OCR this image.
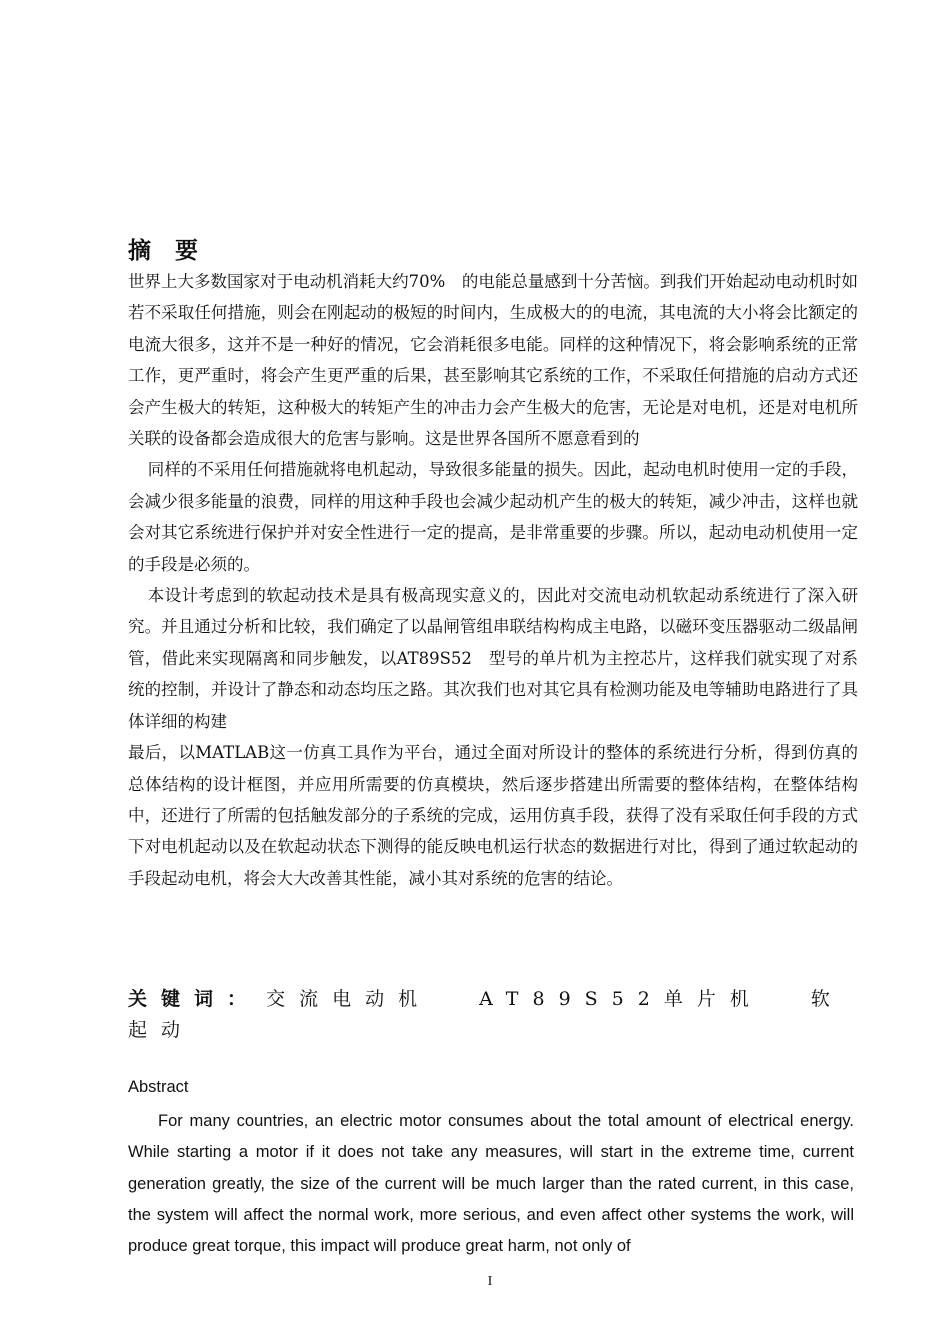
摘要

世界上大多数国家对于电动机消耗大约70%　的电能总量感到十分苦恼。到我们开始起动电动机时如若不采取任何措施，则会在刚起动的极短的时间内，生成极大的的电流，其电流的大小将会比额定的电流大很多，这并不是一种好的情况，它会消耗很多电能。同样的这种情况下，将会影响系统的正常工作，更严重时，将会产生更严重的后果，甚至影响其它系统的工作，不采取任何措施的启动方式还会产生极大的转矩，这种极大的转矩产生的冲击力会产生极大的危害，无论是对电机，还是对电机所关联的设备都会造成很大的危害与影响。这是世界各国所不愿意看到的

同样的不采用任何措施就将电机起动，导致很多能量的损失。因此，起动电机时使用一定的手段，会减少很多能量的浪费，同样的用这种手段也会减少起动机产生的极大的转矩，减少冲击，这样也就会对其它系统进行保护并对安全性进行一定的提高，是非常重要的步骤。所以，起动电动机使用一定的手段是必须的。

本设计考虑到的软起动技术是具有极高现实意义的，因此对交流电动机软起动系统进行了深入研究。并且通过分析和比较，我们确定了以晶闸管组串联结构构成主电路，以磁环变压器驱动二级晶闸管，借此来实现隔离和同步触发，以AT89S52　型号的单片机为主控芯片，这样我们就实现了对系统的控制，并设计了静态和动态均压之路。其次我们也对其它具有检测功能及电等辅助电路进行了具体详细的构建

最后，以MATLAB这一仿真工具作为平台，通过全面对所设计的整体的系统进行分析，得到仿真的总体结构的设计框图，并应用所需要的仿真模块，然后逐步搭建出所需要的整体结构，在整体结构中，还进行了所需的包括触发部分的子系统的完成，运用仿真手段，获得了没有采取任何手段的方式下对电机起动以及在软起动状态下测得的能反映电机运行状态的数据进行对比，得到了通过软起动的手段起动电机，将会大大改善其性能，减小其对系统的危害的结论。

关键词： 交流电动机	AT89S52单片机	软起动
Abstract

For many countries, an electric motor consumes about the total amount of electrical energy. While starting a motor if it does not take any measures, will start in the extreme time, current generation greatly, the size of the current will be much larger than the rated current, in this case, the system will affect the normal work, more serious, and even affect other systems the work, will produce great torque, this impact will produce great harm, not only of

I
